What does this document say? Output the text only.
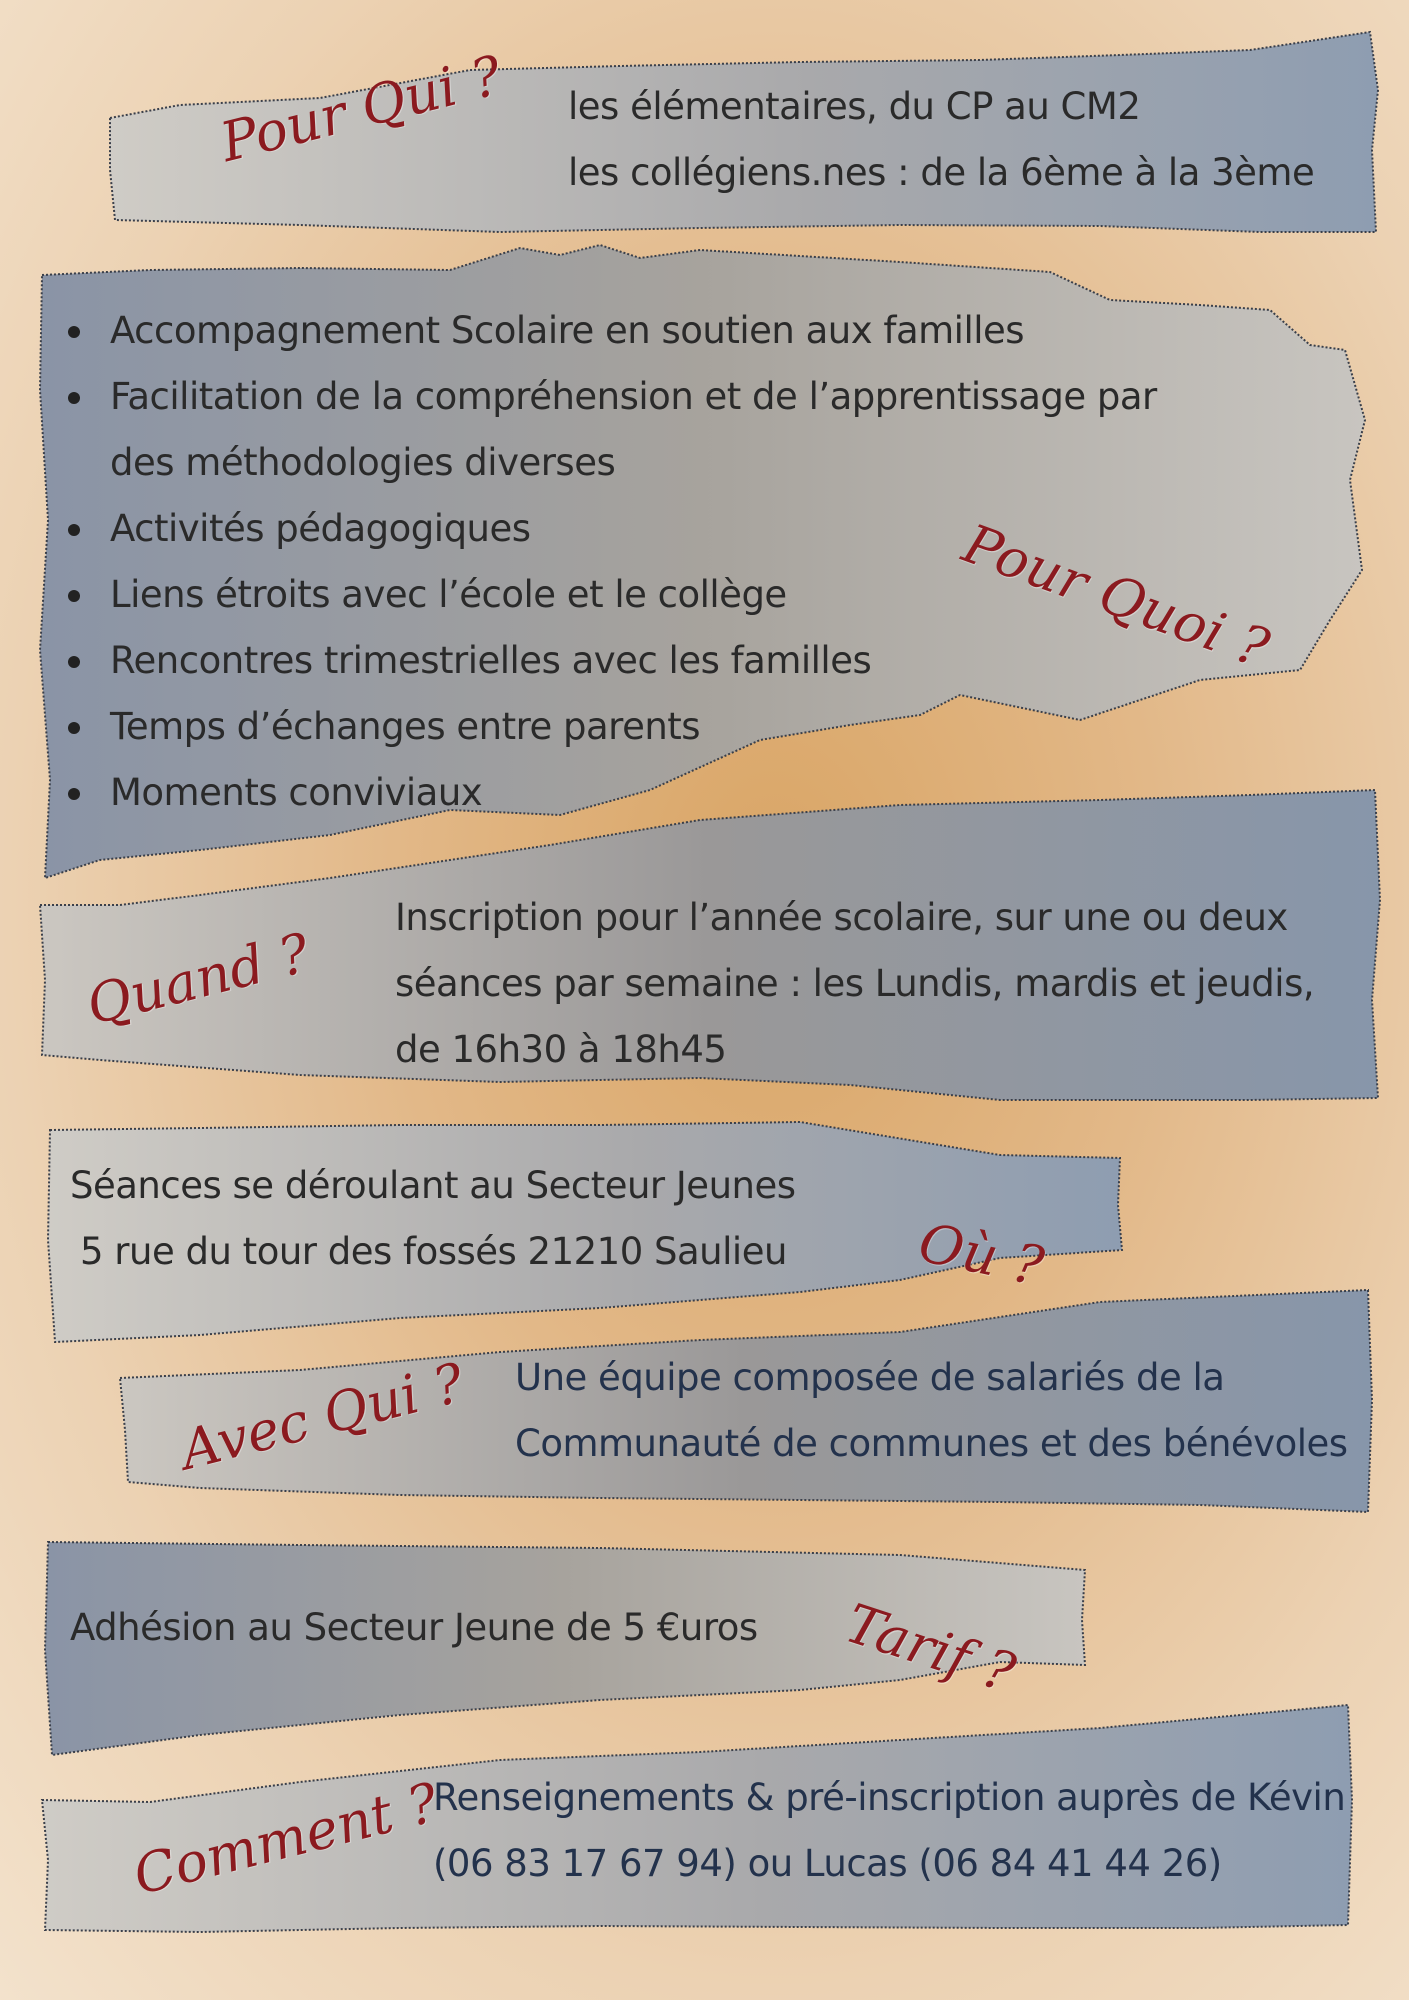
Pour Qui ? les élémentaires, du CP au CM2
les collégiens.nes : de la 6ème à la 3ème
Accompagnement Scolaire en soutien aux familles
Facilitation de la compréhension et de l’apprentissage par des méthodologies diverses
Activités pédagogiques
Liens étroits avec l’école et le collège
Rencontres trimestrielles avec les familles
Temps d’échanges entre parents
Moments conviviaux
Pour Quoi ?
Quand ?
Inscription pour l’année scolaire, sur une ou deux séances par semaine : les Lundis, mardis et jeudis, de 16h30 à 18h45
Séances se déroulant au Secteur Jeunes
5 rue du tour des fossés 21210 Saulieu Où ?
Avec Qui ? Une équipe composée de salariés de la
Communauté de communes et des bénévoles
Adhésion au Secteur Jeune de 5 €uros Tarif ?
Comment ?
Renseignements & pré-inscription auprès de Kévin
(06 83 17 67 94) ou Lucas (06 84 41 44 26)
